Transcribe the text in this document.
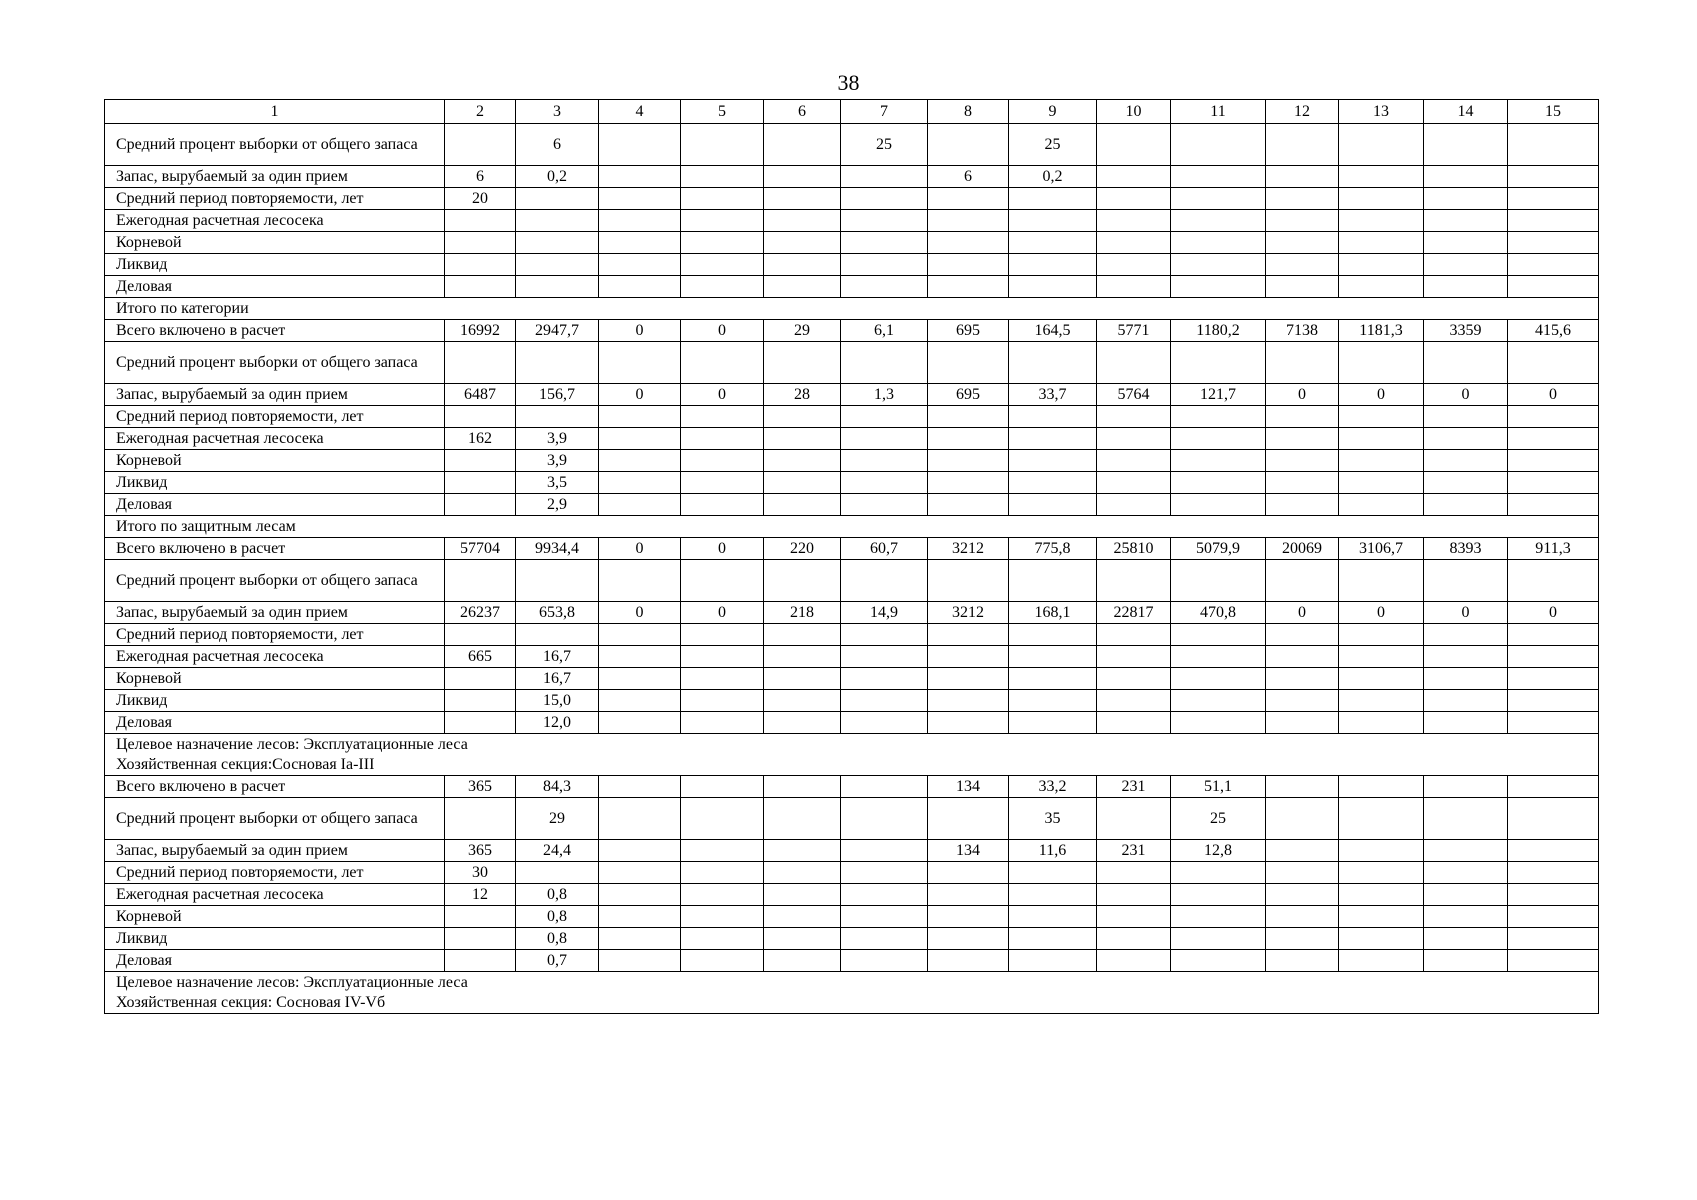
38
1	2	3	4	5	6	7	8	9	10	11	12	13	14	15
Средний процент выборки от общего запаса		6				25		25						
Запас, вырубаемый за один прием	6	0,2					6	0,2						
Средний период повторяемости, лет	20													
Ежегодная расчетная лесосека														
Корневой														
Ликвид														
Деловая														

Итого по категории														

Всего включено в расчет	16992	2947,7	0	0	29	6,1	695	164,5	5771	1180,2	7138	1181,3	3359	415,6
Средний процент выборки от общего запаса														
Запас, вырубаемый за один прием	6487	156,7	0	0	28	1,3	695	33,7	5764	121,7	0	0	0	0
Средний период повторяемости, лет														
Ежегодная расчетная лесосека	162	3,9												
Корневой		3,9												
Ликвид		3,5												
Деловая		2,9												

Итого по защитным лесам														

Всего включено в расчет	57704	9934,4	0	0	220	60,7	3212	775,8	25810	5079,9	20069	3106,7	8393	911,3
Средний процент выборки от общего запаса														
Запас, вырубаемый за один прием	26237	653,8	0	0	218	14,9	3212	168,1	22817	470,8	0	0	0	0
Средний период повторяемости, лет														
Ежегодная расчетная лесосека	665	16,7												
Корневой		16,7												
Ликвид		15,0												
Деловая		12,0												

Целевое назначение лесов: Эксплуатационные леса
Хозяйственная секция:Сосновая Ia-III														

Всего включено в расчет	365	84,3					134	33,2	231	51,1				
Средний процент выборки от общего запаса		29						35		25				
Запас, вырубаемый за один прием	365	24,4					134	11,6	231	12,8				
Средний период повторяемости, лет	30													
Ежегодная расчетная лесосека	12	0,8												
Корневой		0,8												
Ликвид		0,8												
Деловая		0,7												

Целевое назначение лесов: Эксплуатационные леса
Хозяйственная секция: Сосновая IV-Vб														
